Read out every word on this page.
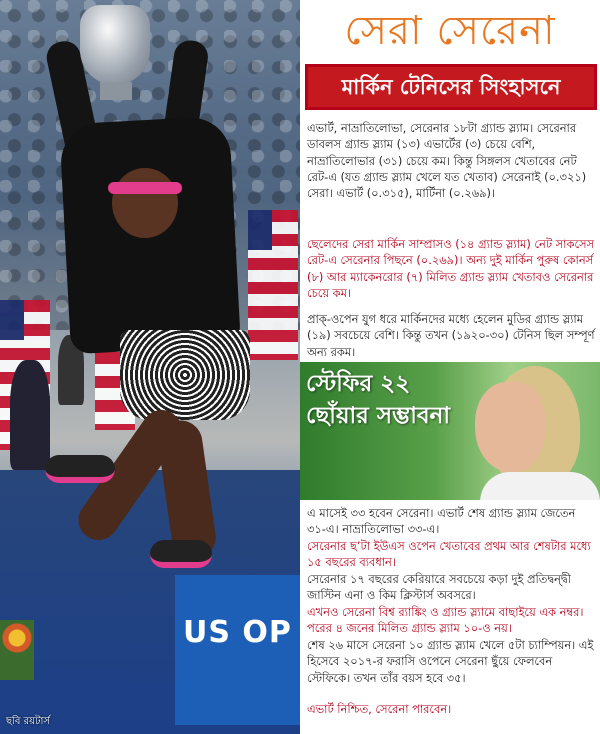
US OP
ছবি রয়টার্স
সেরা সেরেনা
মার্কিন টেনিসের সিংহাসনে
এভার্ট, নাভ্রাতিলোভা, সেরেনার ১৮টা গ্র্যান্ড স্ল্যাম। সেরেনার ডাবলস গ্র্যান্ড স্ল্যাম (১৩) এভার্টের (৩) চেয়ে বেশি, নাভ্রাতিলোভার (৩১) চেয়ে কম। কিন্তু সিঙ্গলস খেতাবের নেট রেট-এ (যত গ্র্যান্ড স্ল্যাম খেলে যত খেতাব) সেরেনাই (০.৩২১) সেরা। এভার্ট (০.৩১৫), মার্টিনা (০.২৬৯)।
ছেলেদের সেরা মার্কিন সাম্প্রাসও (১৪ গ্র্যান্ড স্ল্যাম) নেট সাকসেস রেট-এ সেরেনার পিছনে (০.২৬৯)। অন্য দুই মার্কিন পুরুষ কোনর্স (৮) আর ম্যাকেনরোর (৭) মিলিত গ্র্যান্ড স্ল্যাম খেতাবও সেরেনার চেয়ে কম।
প্রাক্-ওপেন যুগ ধরে মার্কিনদের মধ্যে হেলেন মুডির গ্র্যান্ড স্ল্যাম (১৯) সবচেয়ে বেশি। কিন্তু তখন (১৯২০-৩০) টেনিস ছিল সম্পূর্ণ অন্য রকম।
স্টেফির ২২ ছোঁয়ার সম্ভাবনা
এ মাসেই ৩৩ হবেন সেরেনা। এভার্ট শেষ গ্র্যান্ড স্ল্যাম জেতেন ৩১-এ। নাভ্রাতিলোভা ৩৩-এ।
সেরেনার ছ’টা ইউএস ওপেন খেতাবের প্রথম আর শেষটার মধ্যে ১৫ বছরের ব্যবধান।
সেরেনার ১৭ বছরের কেরিয়ারে সবচেয়ে কড়া দুই প্রতিদ্বন্দ্বী জাস্টিন এনা ও কিম ক্লিস্টার্স অবসরে।
এখনও সেরেনা বিশ্ব র‌্যাঙ্কিং ও গ্র্যান্ড স্ল্যামে বাছাইয়ে এক নম্বর। পরের ৪ জনের মিলিত গ্র্যান্ড স্ল্যাম ১০-ও নয়।
শেষ ২৬ মাসে সেরেনা ১০ গ্র্যান্ড স্ল্যাম খেলে ৫টা চ্যাম্পিয়ন। এই হিসেবে ২০১৭-র ফরাসি ওপেনে সেরেনা ছুঁয়ে ফেলবেন স্টেফিকে। তখন তাঁর বয়স হবে ৩৫।
এভার্ট নিশ্চিত, সেরেনা পারবেন।
